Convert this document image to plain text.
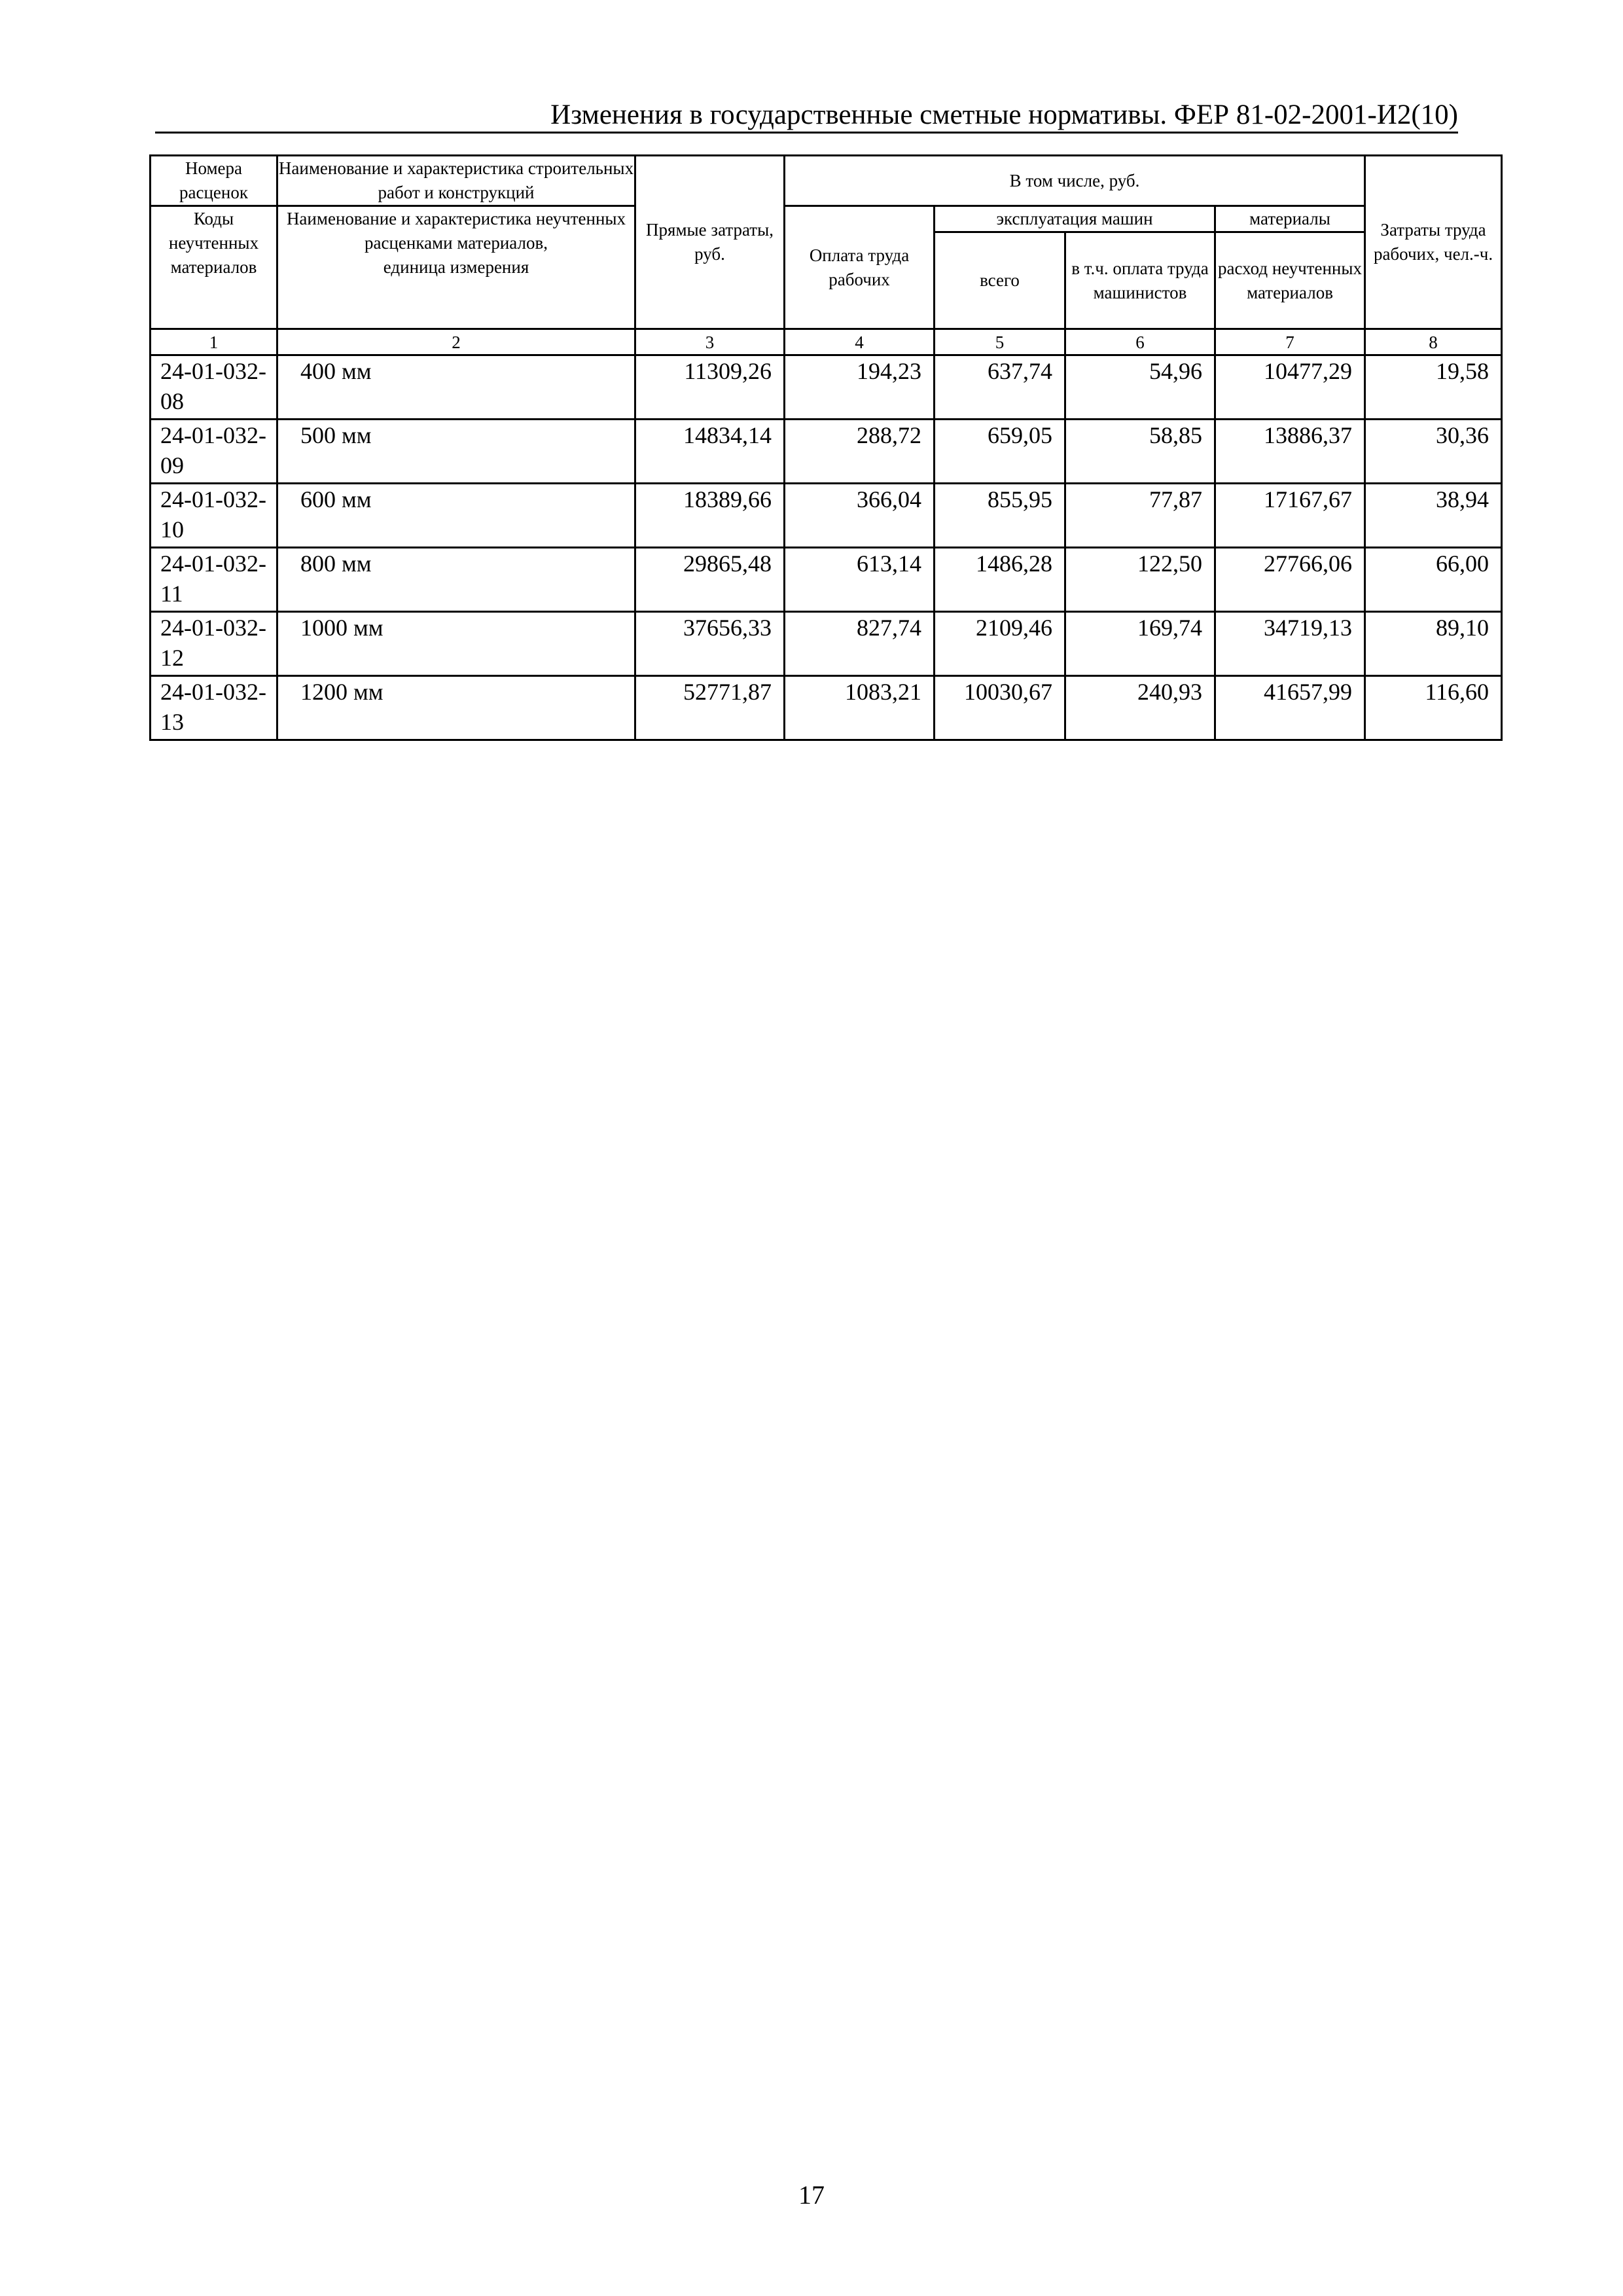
Изменения в государственные сметные нормативы. ФЕР 81-02-2001-И2(10)
Номера расценок	Наименование и характеристика строительных работ и конструкций	Прямые затраты, руб.	В том числе, руб.				Затраты труда рабочих, чел.-ч.
Коды неучтенных материалов	Наименование и характеристика неучтенных расценками материалов,
единица измерения		Оплата труда рабочих	эксплуатация машин		материалы	
				всего	в т.ч. оплата труда машинистов	расход неучтенных материалов	
1	2	3	4	5	6	7	8
24-01-032-08	400 мм	11309,26	194,23	637,74	54,96	10477,29	19,58
24-01-032-09	500 мм	14834,14	288,72	659,05	58,85	13886,37	30,36
24-01-032-10	600 мм	18389,66	366,04	855,95	77,87	17167,67	38,94
24-01-032-11	800 мм	29865,48	613,14	1486,28	122,50	27766,06	66,00
24-01-032-12	1000 мм	37656,33	827,74	2109,46	169,74	34719,13	89,10
24-01-032-13	1200 мм	52771,87	1083,21	10030,67	240,93	41657,99	116,60
17
